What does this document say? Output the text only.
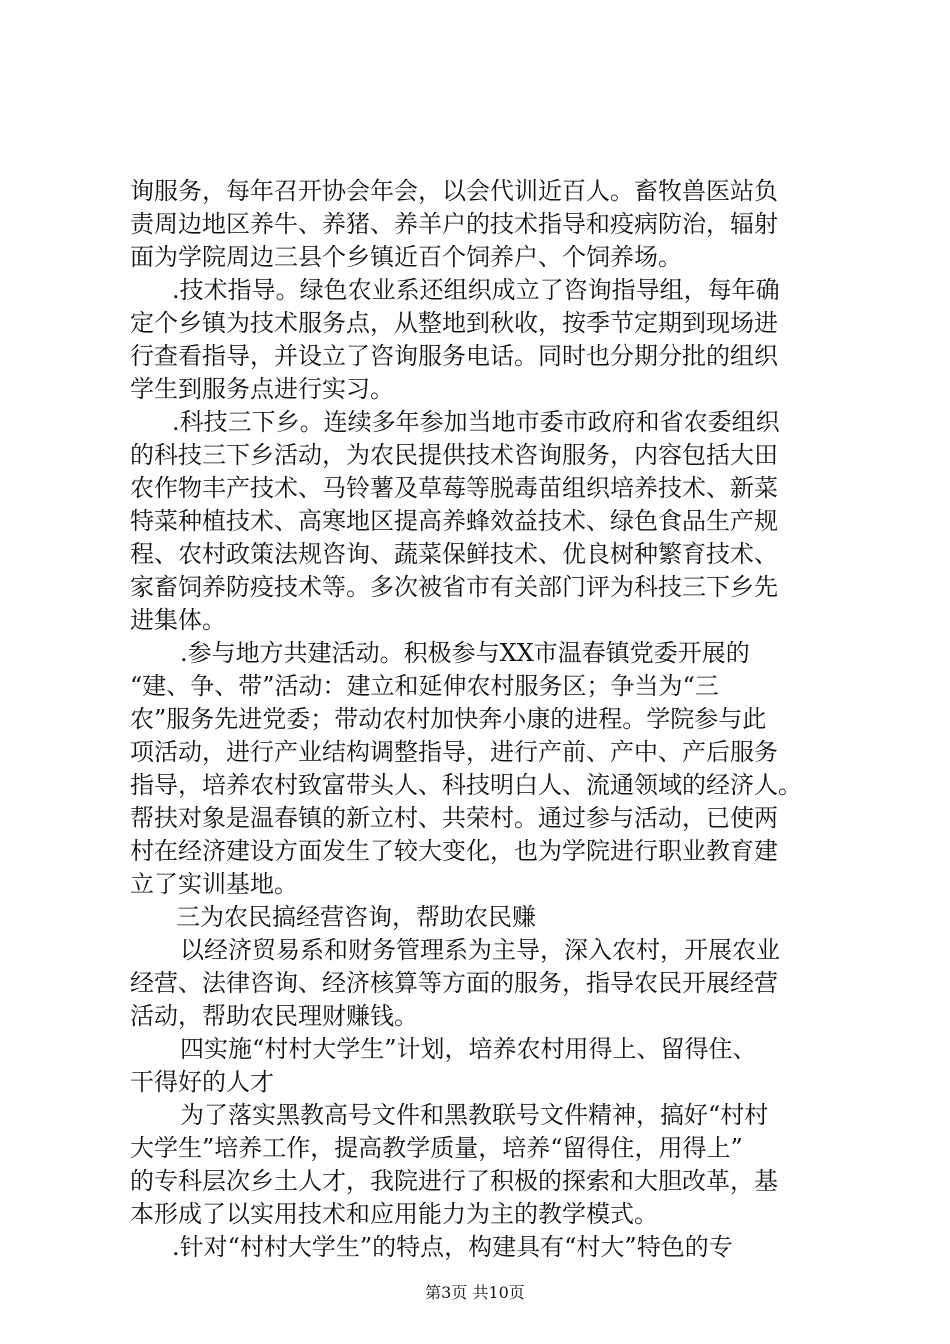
询服务，每年召开协会年会，以会代训近百人。畜牧兽医站负
责周边地区养牛、养猪、养羊户的技术指导和疫病防治，辐射
面为学院周边三县个乡镇近百个饲养户、个饲养场。
.技术指导。绿色农业系还组织成立了咨询指导组，每年确
定个乡镇为技术服务点，从整地到秋收，按季节定期到现场进
行查看指导，并设立了咨询服务电话。同时也分期分批的组织
学生到服务点进行实习。
.科技三下乡。连续多年参加当地市委市政府和省农委组织
的科技三下乡活动，为农民提供技术咨询服务，内容包括大田
农作物丰产技术、马铃薯及草莓等脱毒苗组织培养技术、新菜
特菜种植技术、高寒地区提高养蜂效益技术、绿色食品生产规
程、农村政策法规咨询、蔬菜保鲜技术、优良树种繁育技术、
家畜饲养防疫技术等。多次被省市有关部门评为科技三下乡先
进集体。
.参与地方共建活动。积极参与XX市温春镇党委开展的
“建、争、带”活动：建立和延伸农村服务区；争当为“三
农”服务先进党委；带动农村加快奔小康的进程。学院参与此
项活动，进行产业结构调整指导，进行产前、产中、产后服务
指导，培养农村致富带头人、科技明白人、流通领域的经济人。
帮扶对象是温春镇的新立村、共荣村。通过参与活动，已使两
村在经济建设方面发生了较大变化，也为学院进行职业教育建
立了实训基地。
三为农民搞经营咨询，帮助农民赚
以经济贸易系和财务管理系为主导，深入农村，开展农业
经营、法律咨询、经济核算等方面的服务，指导农民开展经营
活动，帮助农民理财赚钱。
四实施“村村大学生”计划，培养农村用得上、留得住、
干得好的人才
为了落实黑教高号文件和黑教联号文件精神，搞好“村村
大学生”培养工作，提高教学质量，培养“留得住，用得上”
的专科层次乡土人才，我院进行了积极的探索和大胆改革，基
本形成了以实用技术和应用能力为主的教学模式。
.针对“村村大学生”的特点，构建具有“村大”特色的专
第3页 共10页
